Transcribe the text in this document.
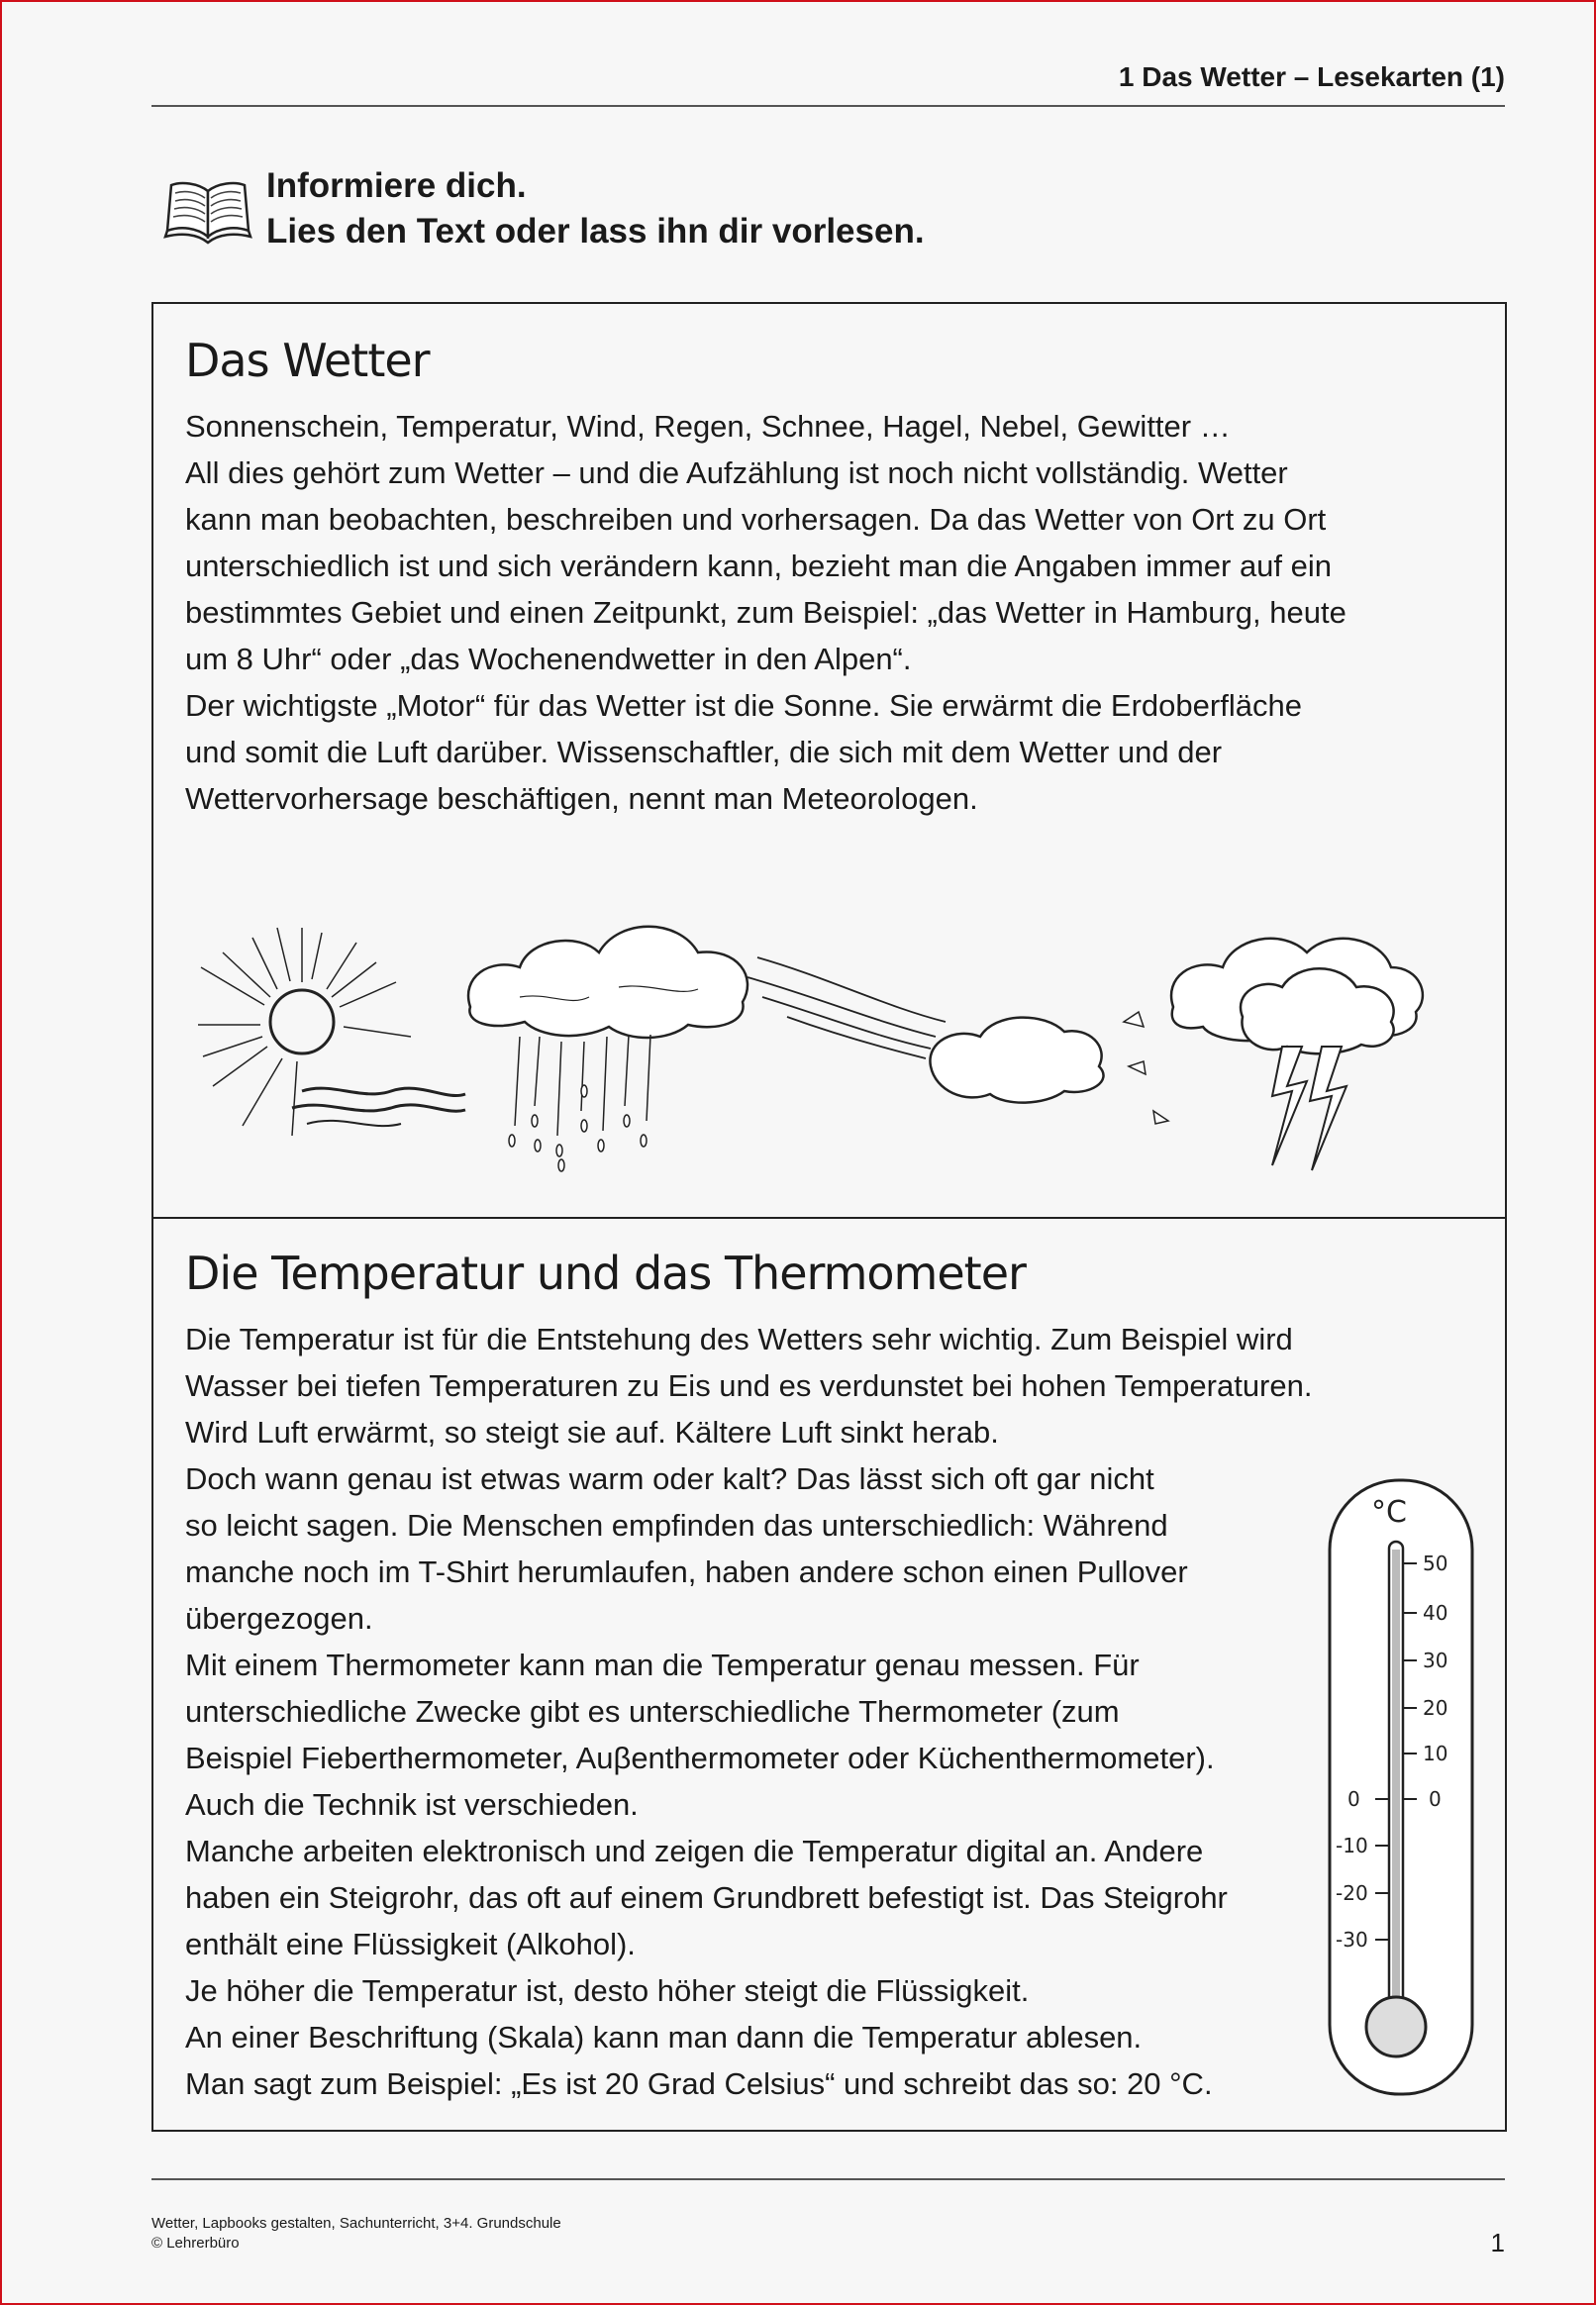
1 Das Wetter – Lesekarten (1)
Informiere dich.
Lies den Text oder lass ihn dir vorlesen.
Das Wetter
Sonnenschein, Temperatur, Wind, Regen, Schnee, Hagel, Nebel, Gewitter …
All dies gehört zum Wetter – und die Aufzählung ist noch nicht vollständig. Wetter
kann man beobachten, beschreiben und vorhersagen. Da das Wetter von Ort zu Ort
unterschiedlich ist und sich verändern kann, bezieht man die Angaben immer auf ein
bestimmtes Gebiet und einen Zeitpunkt, zum Beispiel: „das Wetter in Hamburg, heute
um 8 Uhr“ oder „das Wochenendwetter in den Alpen“.
Der wichtigste „Motor“ für das Wetter ist die Sonne. Sie erwärmt die Erdoberfläche
und somit die Luft darüber. Wissenschaftler, die sich mit dem Wetter und der
Wettervorhersage beschäftigen, nennt man Meteorologen.
Die Temperatur und das Thermometer
Die Temperatur ist für die Entstehung des Wetters sehr wichtig. Zum Beispiel wird
Wasser bei tiefen Temperaturen zu Eis und es verdunstet bei hohen Temperaturen.
Wird Luft erwärmt, so steigt sie auf. Kältere Luft sinkt herab.
Doch wann genau ist etwas warm oder kalt? Das lässt sich oft gar nicht
so leicht sagen. Die Menschen empfinden das unterschiedlich: Während
manche noch im T-Shirt herumlaufen, haben andere schon einen Pullover
übergezogen.
Mit einem Thermometer kann man die Temperatur genau messen. Für
unterschiedliche Zwecke gibt es unterschiedliche Thermometer (zum
Beispiel Fieberthermometer, Auβenthermometer oder Küchenthermometer).
Auch die Technik ist verschieden.
Manche arbeiten elektronisch und zeigen die Temperatur digital an. Andere
haben ein Steigrohr, das oft auf einem Grundbrett befestigt ist. Das Steigrohr
enthält eine Flüssigkeit (Alkohol).
Je höher die Temperatur ist, desto höher steigt die Flüssigkeit.
An einer Beschriftung (Skala) kann man dann die Temperatur ablesen.
Man sagt zum Beispiel: „Es ist 20 Grad Celsius“ und schreibt das so: 20 °C.
°C
50
40
30
20
10
0
0
-10
-20
-30
Wetter, Lapbooks gestalten, Sachunterricht, 3+4. Grundschule
© Lehrerbüro	1
